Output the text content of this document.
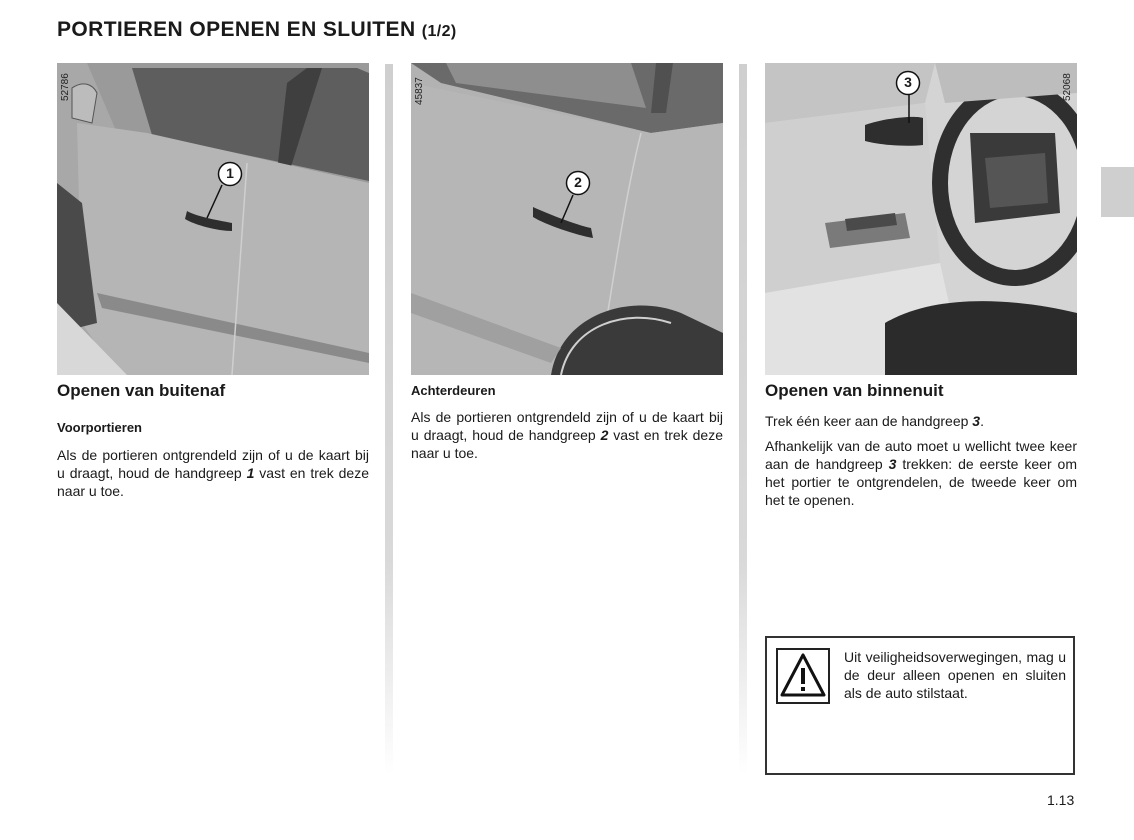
PORTIEREN OPENEN EN SLUITEN (1/2)
52786
1
45837
2
52068
3
Openen van buitenaf
Voorportieren
Als de portieren ontgrendeld zijn of u de kaart bij u draagt, houd de handgreep 1 vast en trek deze naar u toe.
Achterdeuren
Als de portieren ontgrendeld zijn of u de kaart bij u draagt, houd de handgreep 2 vast en trek deze naar u toe.
Openen van binnenuit
Trek één keer aan de handgreep 3.
Afhankelijk van de auto moet u wellicht twee keer aan de handgreep 3 trekken: de eerste keer om het portier te ontgrendelen, de tweede keer om het te openen.
Uit veiligheidsoverwegingen, mag u de deur alleen openen en sluiten als de auto stilstaat.
1.13
